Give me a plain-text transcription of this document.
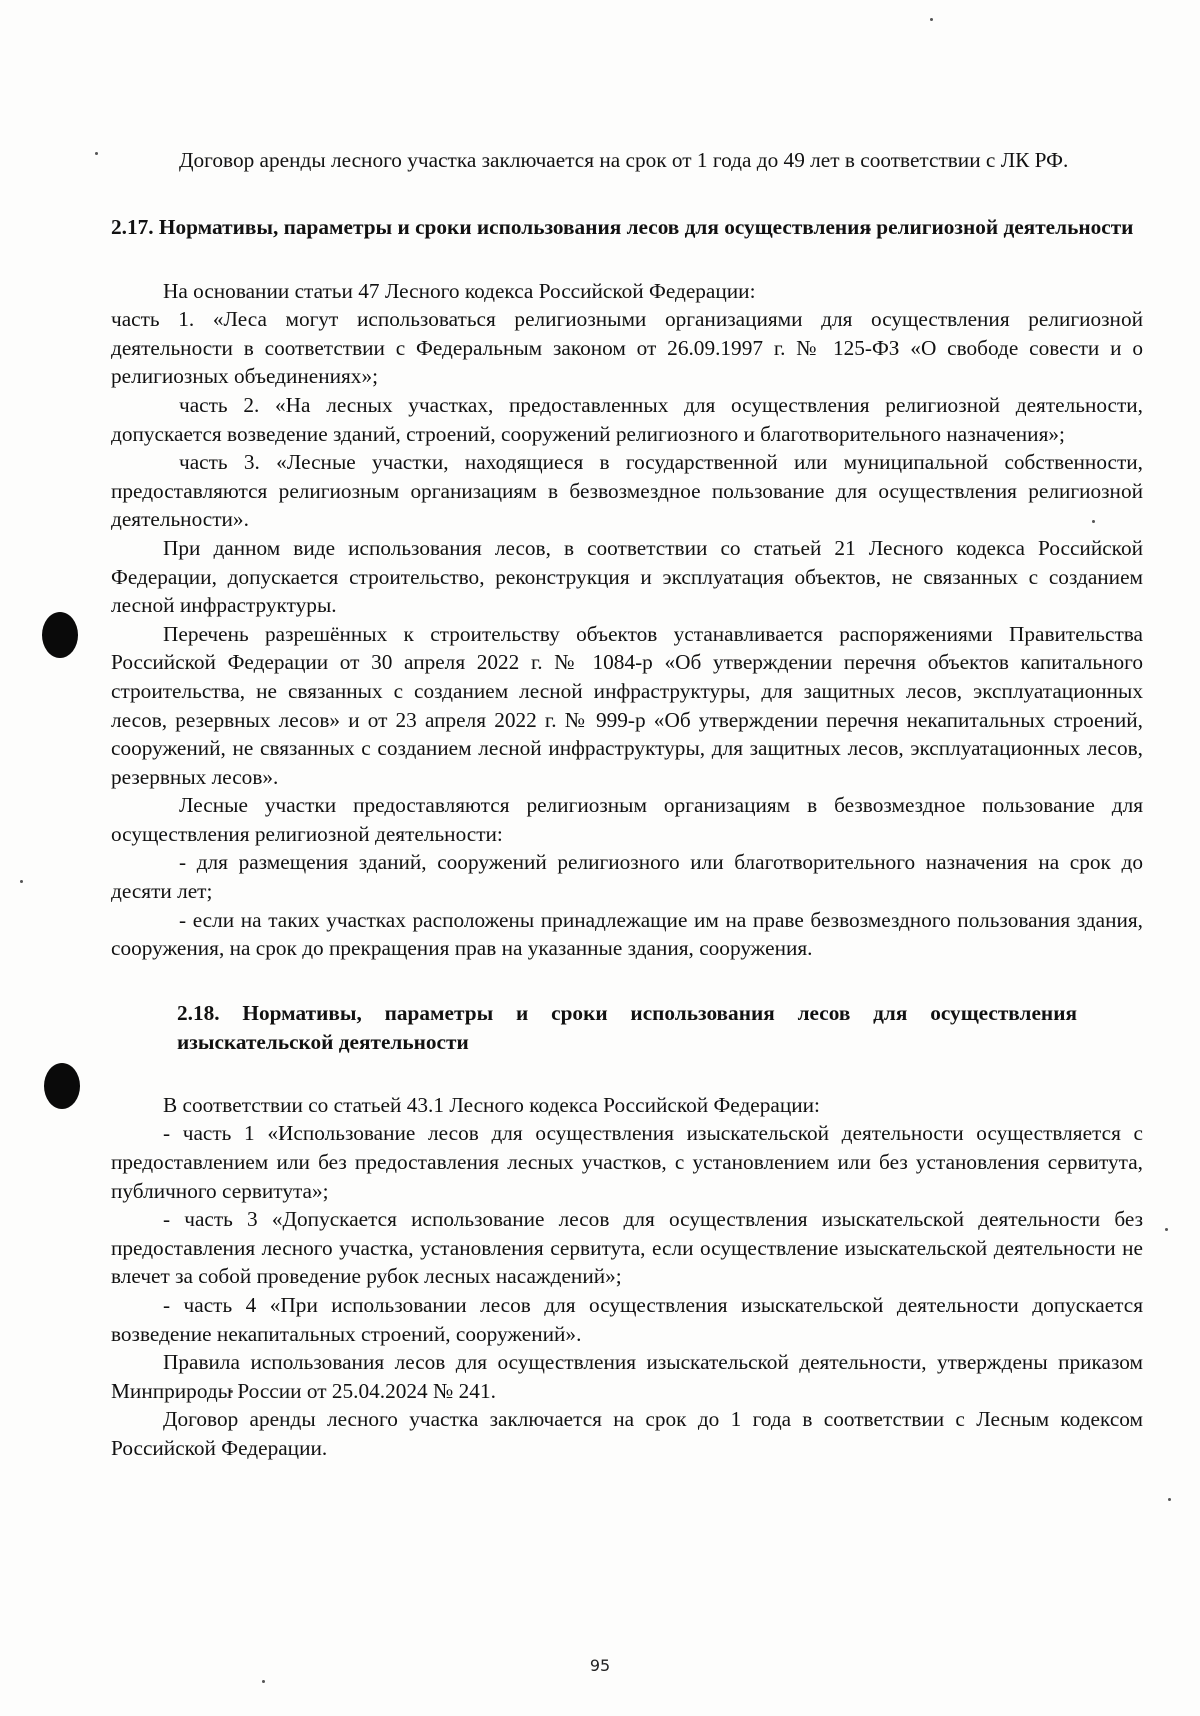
Договор аренды лесного участка заключается на срок от 1 года до 49 лет в соответствии с ЛК РФ.

2.17. Нормативы, параметры и сроки использования лесов для осуществления религиозной деятельности

На основании статьи 47 Лесного кодекса Российской Федерации:

часть 1. «Леса могут использоваться религиозными организациями для осуществления религиозной деятельности в соответствии с Федеральным законом от 26.09.1997 г. № 125-ФЗ «О свободе совести и о религиозных объединениях»;

часть 2. «На лесных участках, предоставленных для осуществления религиозной деятельности, допускается возведение зданий, строений, сооружений религиозного и благотворительного назначения»;

часть 3. «Лесные участки, находящиеся в государственной или муниципальной собственности, предоставляются религиозным организациям в безвозмездное пользование для осуществления религиозной деятельности».

При данном виде использования лесов, в соответствии со статьей 21 Лесного кодекса Российской Федерации, допускается строительство, реконструкция и эксплуатация объектов, не связанных с созданием лесной инфраструктуры.

Перечень разрешённых к строительству объектов устанавливается распоряжениями Правительства Российской Федерации от 30 апреля 2022 г. № 1084-р «Об утверждении перечня объектов капитального строительства, не связанных с созданием лесной инфраструктуры, для защитных лесов, эксплуатационных лесов, резервных лесов» и от 23 апреля 2022 г. № 999-р «Об утверждении перечня некапитальных строений, сооружений, не связанных с созданием лесной инфраструктуры, для защитных лесов, эксплуатационных лесов, резервных лесов».

Лесные участки предоставляются религиозным организациям в безвозмездное пользование для осуществления религиозной деятельности:

- для размещения зданий, сооружений религиозного или благотворительного назначения на срок до десяти лет;

- если на таких участках расположены принадлежащие им на праве безвозмездного пользования здания, сооружения, на срок до прекращения прав на указанные здания, сооружения.

2.18. Нормативы, параметры и сроки использования лесов для осуществления изыскательской деятельности

В соответствии со статьей 43.1 Лесного кодекса Российской Федерации:

- часть 1 «Использование лесов для осуществления изыскательской деятельности осуществляется с предоставлением или без предоставления лесных участков, с установлением или без установления сервитута, публичного сервитута»;

- часть 3 «Допускается использование лесов для осуществления изыскательской деятельности без предоставления лесного участка, установления сервитута, если осуществление изыскательской деятельности не влечет за собой проведение рубок лесных насаждений»;

- часть 4 «При использовании лесов для осуществления изыскательской деятельности допускается возведение некапитальных строений, сооружений».

Правила использования лесов для осуществления изыскательской деятельности, утверждены приказом Минприроды России от 25.04.2024 № 241.

Договор аренды лесного участка заключается на срок до 1 года в соответствии с Лесным кодексом Российской Федерации.

95
